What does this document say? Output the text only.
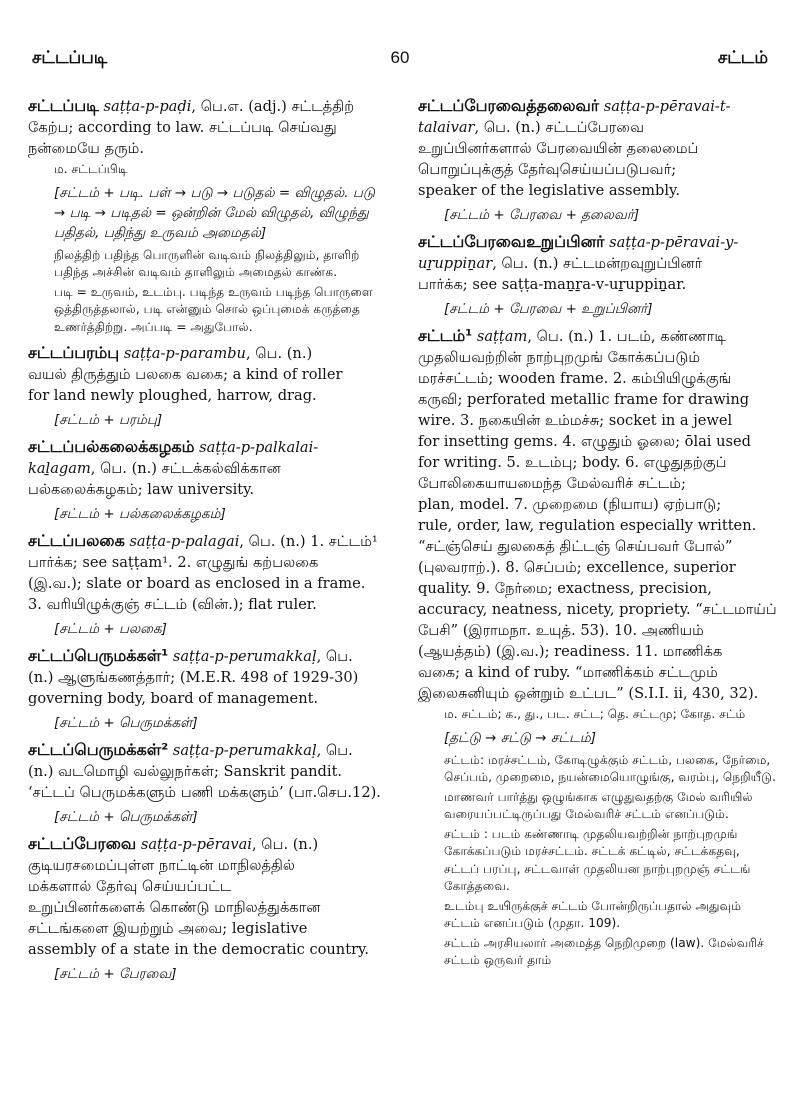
சட்டப்படி	60	சட்டம்
சட்டப்படி saṭṭa-p-paḍi, பெ.எ. (adj.) சட்டத்திற்
கேற்ப; according to law. சட்டப்படி செய்வது
நன்மையே தரும்.
ம. சட்டப்பிடி
[சட்டம் + படி. பள் → படு → படுதல் = விழுதல். படு → படி → படிதல் = ஒன்றின் மேல் விழுதல், விழுந்து பதிதல், பதிந்து உருவம் அமைதல்]
நிலத்திற் பதிந்த பொருளின் வடிவம் நிலத்திலும், தாளிற் பதிந்த அச்சின் வடிவம் தாளிலும் அமைதல் காண்க.
படி = உருவம், உடம்பு. படிந்த உருவம் படிந்த பொருளை ஒத்திருத்தலால், படி என்னும் சொல் ஒப்புமைக் கருத்தை உணர்த்திற்று. அப்படி = அதுபோல்.
சட்டப்பரம்பு saṭṭa-p-parambu, பெ. (n.)
வயல் திருத்தும் பலகை வகை; a kind of roller
for land newly ploughed, harrow, drag.
[சட்டம் + பரம்பு]
சட்டப்பல்கலைக்கழகம் saṭṭa-p-palkalai-kaḻagam, பெ. (n.) சட்டக்கல்விக்கான
பல்கலைக்கழகம்; law university.
[சட்டம் + பல்கலைக்கழகம்]
சட்டப்பலகை saṭṭa-p-palagai, பெ. (n.) 1. சட்டம்¹
பார்க்க; see saṭṭam¹. 2. எழுதுங் கற்பலகை
(இ.வ.); slate or board as enclosed in a frame.
3. வரியிழுக்குஞ் சட்டம் (வின்.); flat ruler.
[சட்டம் + பலகை]
சட்டப்பெருமக்கள்¹ saṭṭa-p-perumakkaḷ, பெ.
(n.) ஆளுங்கணத்தார்; (M.E.R. 498 of 1929-30)
governing body, board of management.
[சட்டம் + பெருமக்கள்]
சட்டப்பெருமக்கள்² saṭṭa-p-perumakkaḷ, பெ.
(n.) வடமொழி வல்லுநர்கள்; Sanskrit pandit.
‘சட்டப் பெருமக்களும் பணி மக்களும்’ (பா.செப.12).
[சட்டம் + பெருமக்கள்]
சட்டப்பேரவை saṭṭa-p-pēravai, பெ. (n.)
குடியரசமைப்புள்ள நாட்டின் மாநிலத்தில்
மக்களால் தேர்வு செய்யப்பட்ட
உறுப்பினர்களைக் கொண்டு மாநிலத்துக்கான
சட்டங்களை இயற்றும் அவை; legislative
assembly of a state in the democratic country.
[சட்டம் + பேரவை]
சட்டப்பேரவைத்தலைவர் saṭṭa-p-pēravai-t-talaivar, பெ. (n.) சட்டப்பேரவை
உறுப்பினர்களால் பேரவையின் தலைமைப்
பொறுப்புக்குத் தேர்வுசெய்யப்படுபவர்;
speaker of the legislative assembly.
[சட்டம் + பேரவை + தலைவர்]
சட்டப்பேரவைஉறுப்பினர் saṭṭa-p-pēravai-y-uṟuppiṉar, பெ. (n.) சட்டமன்றவுறுப்பினர்
பார்க்க; see saṭṭa-maṉṟa-v-uṟuppiṉar.
[சட்டம் + பேரவை + உறுப்பினர்]
சட்டம்¹ saṭṭam, பெ. (n.) 1. படம், கண்ணாடி
முதலியவற்றின் நாற்புறமுங் கோக்கப்படும்
மரச்சட்டம்; wooden frame. 2. கம்பியிழுக்குங்
கருவி; perforated metallic frame for drawing
wire. 3. நகையின் உம்மச்சு; socket in a jewel
for insetting gems. 4. எழுதும் ஓலை; ōlai used
for writing. 5. உடம்பு; body. 6. எழுதுதற்குப்
போலிகையாயமைந்த மேல்வரிச் சட்டம்;
plan, model. 7. முறைமை (நியாய) ஏற்பாடு;
rule, order, law, regulation especially written.
“சட்ஞ்செய் துலகைத் திட்டஞ் செய்பவர் போல்”
(புலவராற்.). 8. செப்பம்; excellence, superior
quality. 9. நேர்மை; exactness, precision,
accuracy, neatness, nicety, propriety. “சட்டமாய்ப்
பேசி” (இராமநா. உயுத். 53). 10. அணியம்
(ஆயத்தம்) (இ.வ.); readiness. 11. மாணிக்க
வகை; a kind of ruby. “மாணிக்கம் சட்டமும்
இலைசுனியும் ஒன்றும் உட்பட” (S.I.I. ii, 430, 32).
ம. சட்டம்; க., து., பட. சட்ட; தெ. சட்டமு; கோத. சட்ம்
[தட்டு → சட்டு → சட்டம்]
சட்டம்: மரச்சட்டம், கோடிழுக்கும் சட்டம், பலகை, நேர்மை, செப்பம், முறைமை, நயன்மையொழுங்கு, வரம்பு, நெறியீடு.
மாணவர் பார்த்து ஒழுங்காக எழுதுவதற்கு மேல் வரியில் வரையப்பட்டிருப்பது மேல்வரிச் சட்டம் எனப்படும்.
சட்டம் : படம் கண்ணாடி முதலியவற்றின் நாற்புறமுங் கோக்கப்படும் மரச்சட்டம். சட்டக் கட்டில், சட்டக்கதவு, சட்டப் பரப்பு, சட்டவாள் முதலியன நாற்புறமுஞ் சட்டங் கோத்தவை.
உடம்பு உயிருக்குச் சட்டம் போன்றிருப்பதால் அதுவும் சட்டம் எனப்படும் (முதா. 109).
சட்டம் அரசியலார் அமைத்த நெறிமுறை (law). மேல்வரிச் சட்டம் ஒருவர் தாம்
